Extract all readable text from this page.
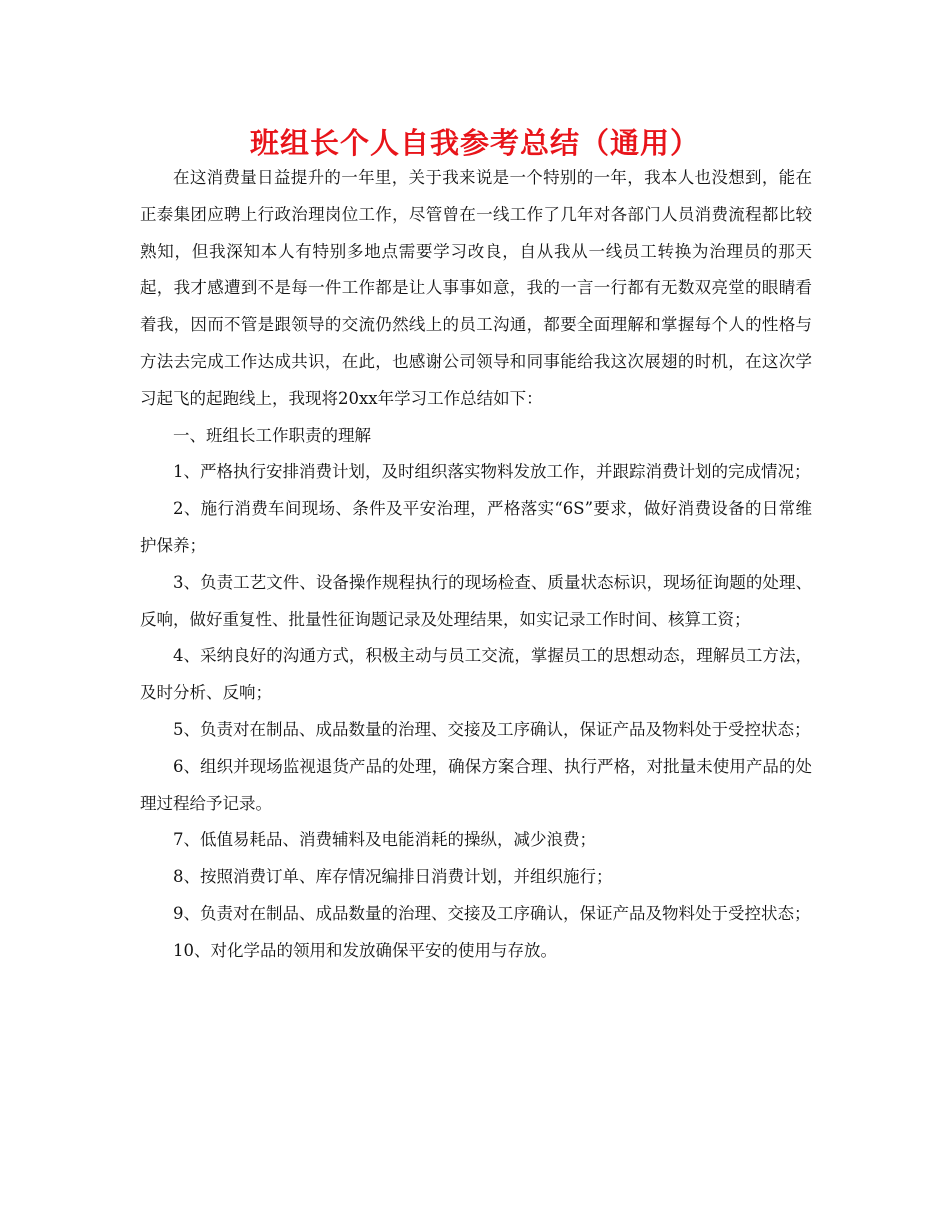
班组长个人自我参考总结（通用）

在这消费量日益提升的一年里，关于我来说是一个特别的一年，我本人也没想到，能在正泰集团应聘上行政治理岗位工作，尽管曾在一线工作了几年对各部门人员消费流程都比较熟知，但我深知本人有特别多地点需要学习改良，自从我从一线员工转换为治理员的那天起，我才感遭到不是每一件工作都是让人事事如意，我的一言一行都有无数双亮堂的眼睛看着我，因而不管是跟领导的交流仍然线上的员工沟通，都要全面理解和掌握每个人的性格与方法去完成工作达成共识，在此，也感谢公司领导和同事能给我这次展翅的时机，在这次学习起飞的起跑线上，我现将20xx年学习工作总结如下：

一、班组长工作职责的理解

1、严格执行安排消费计划，及时组织落实物料发放工作，并跟踪消费计划的完成情况；

2、施行消费车间现场、条件及平安治理，严格落实“6S”要求，做好消费设备的日常维护保养；

3、负责工艺文件、设备操作规程执行的现场检查、质量状态标识，现场征询题的处理、反响，做好重复性、批量性征询题记录及处理结果，如实记录工作时间、核算工资；

4、采纳良好的沟通方式，积极主动与员工交流，掌握员工的思想动态，理解员工方法，及时分析、反响；

5、负责对在制品、成品数量的治理、交接及工序确认，保证产品及物料处于受控状态；

6、组织并现场监视退货产品的处理，确保方案合理、执行严格，对批量未使用产品的处理过程给予记录。

7、低值易耗品、消费辅料及电能消耗的操纵，减少浪费；

8、按照消费订单、库存情况编排日消费计划，并组织施行；

9、负责对在制品、成品数量的治理、交接及工序确认，保证产品及物料处于受控状态；

10、对化学品的领用和发放确保平安的使用与存放。
